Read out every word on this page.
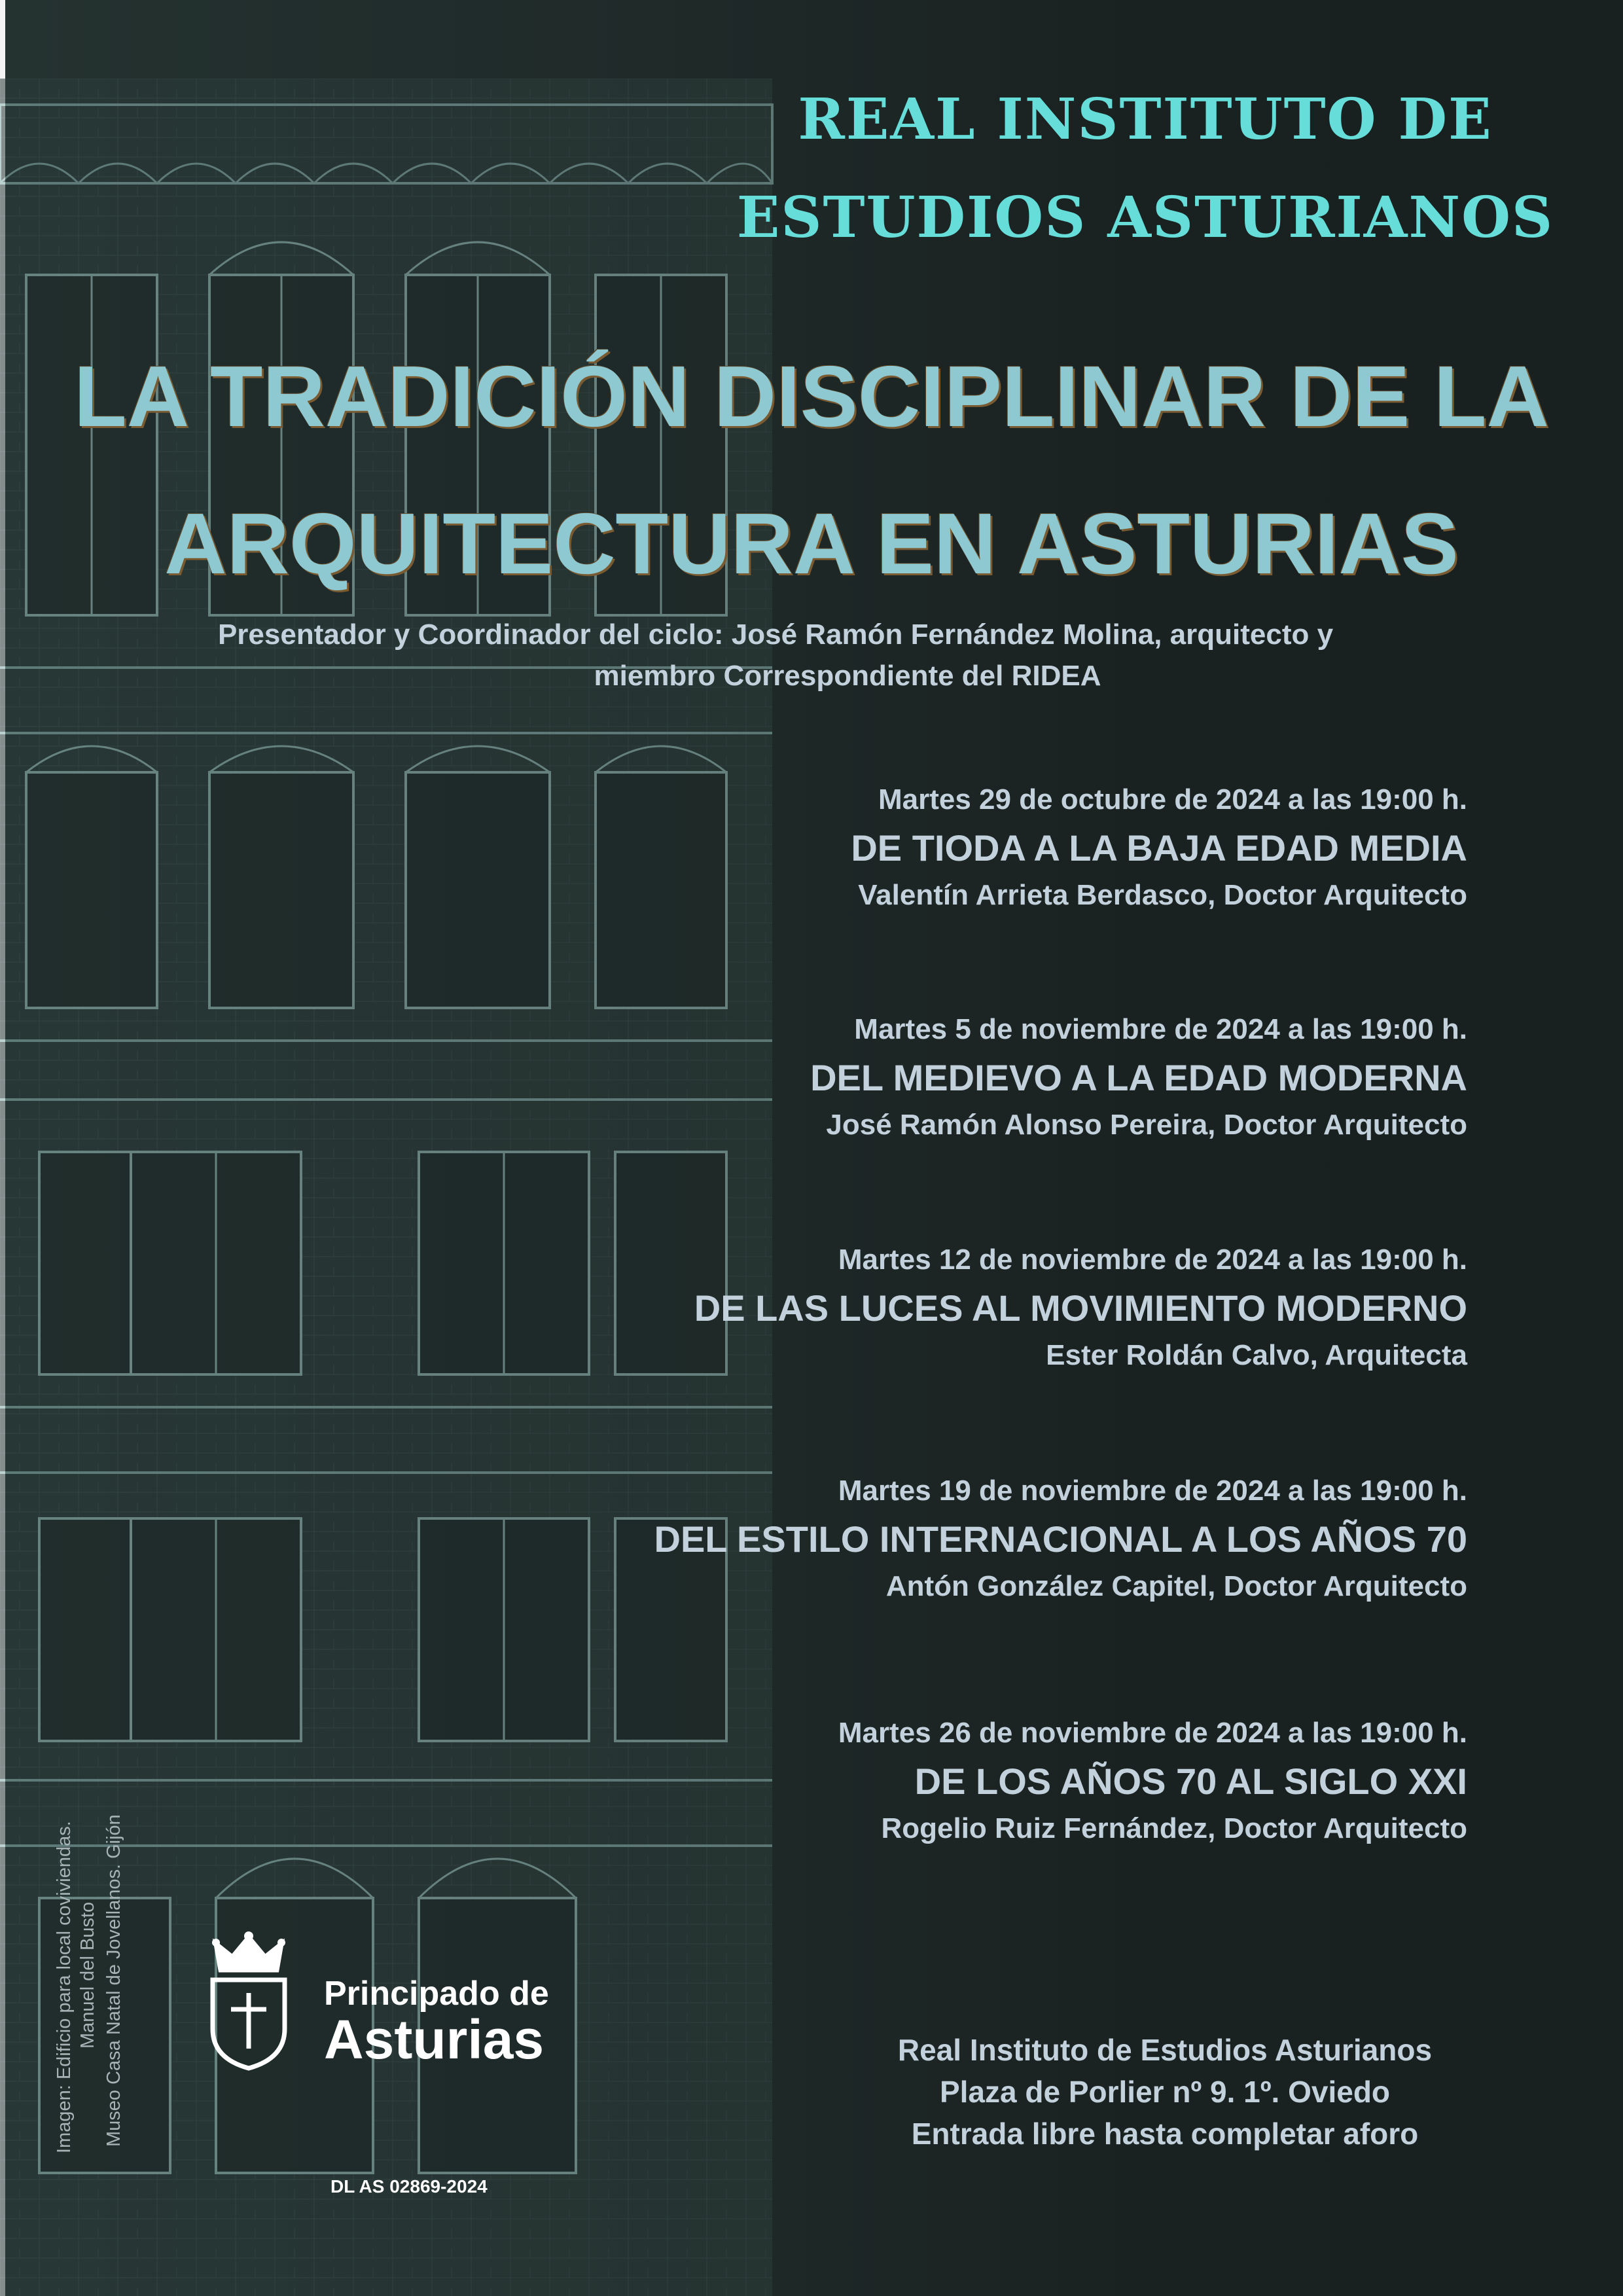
REAL INSTITUTO DE
ESTUDIOS ASTURIANOS
LA TRADICIÓN DISCIPLINAR DE LA
ARQUITECTURA EN ASTURIAS
Presentador y Coordinador del ciclo: José Ramón Fernández Molina, arquitecto y
miembro Correspondiente del RIDEA
Martes 29 de octubre de 2024 a las 19:00 h.
DE TIODA A LA BAJA EDAD MEDIA
Valentín Arrieta Berdasco, Doctor Arquitecto
Martes 5 de noviembre de 2024 a las 19:00 h.
DEL MEDIEVO A LA EDAD MODERNA
José Ramón Alonso Pereira, Doctor Arquitecto
Martes 12 de noviembre de 2024 a las 19:00 h.
DE LAS LUCES AL MOVIMIENTO MODERNO
Ester Roldán Calvo, Arquitecta
Martes 19 de noviembre de 2024 a las 19:00 h.
DEL ESTILO INTERNACIONAL A LOS AÑOS 70
Antón González Capitel, Doctor Arquitecto
Martes 26 de noviembre de 2024 a las 19:00 h.
DE LOS AÑOS 70 AL SIGLO XXI
Rogelio Ruiz Fernández, Doctor Arquitecto
Real Instituto de Estudios Asturianos
Plaza de Porlier nº 9. 1º. Oviedo
Entrada libre hasta completar aforo
Imagen: Edificio para local coviviendas. Manuel del Busto Museo Casa Natal de Jovellanos. Gijón	Principado de
Asturias
DL AS 02869-2024
